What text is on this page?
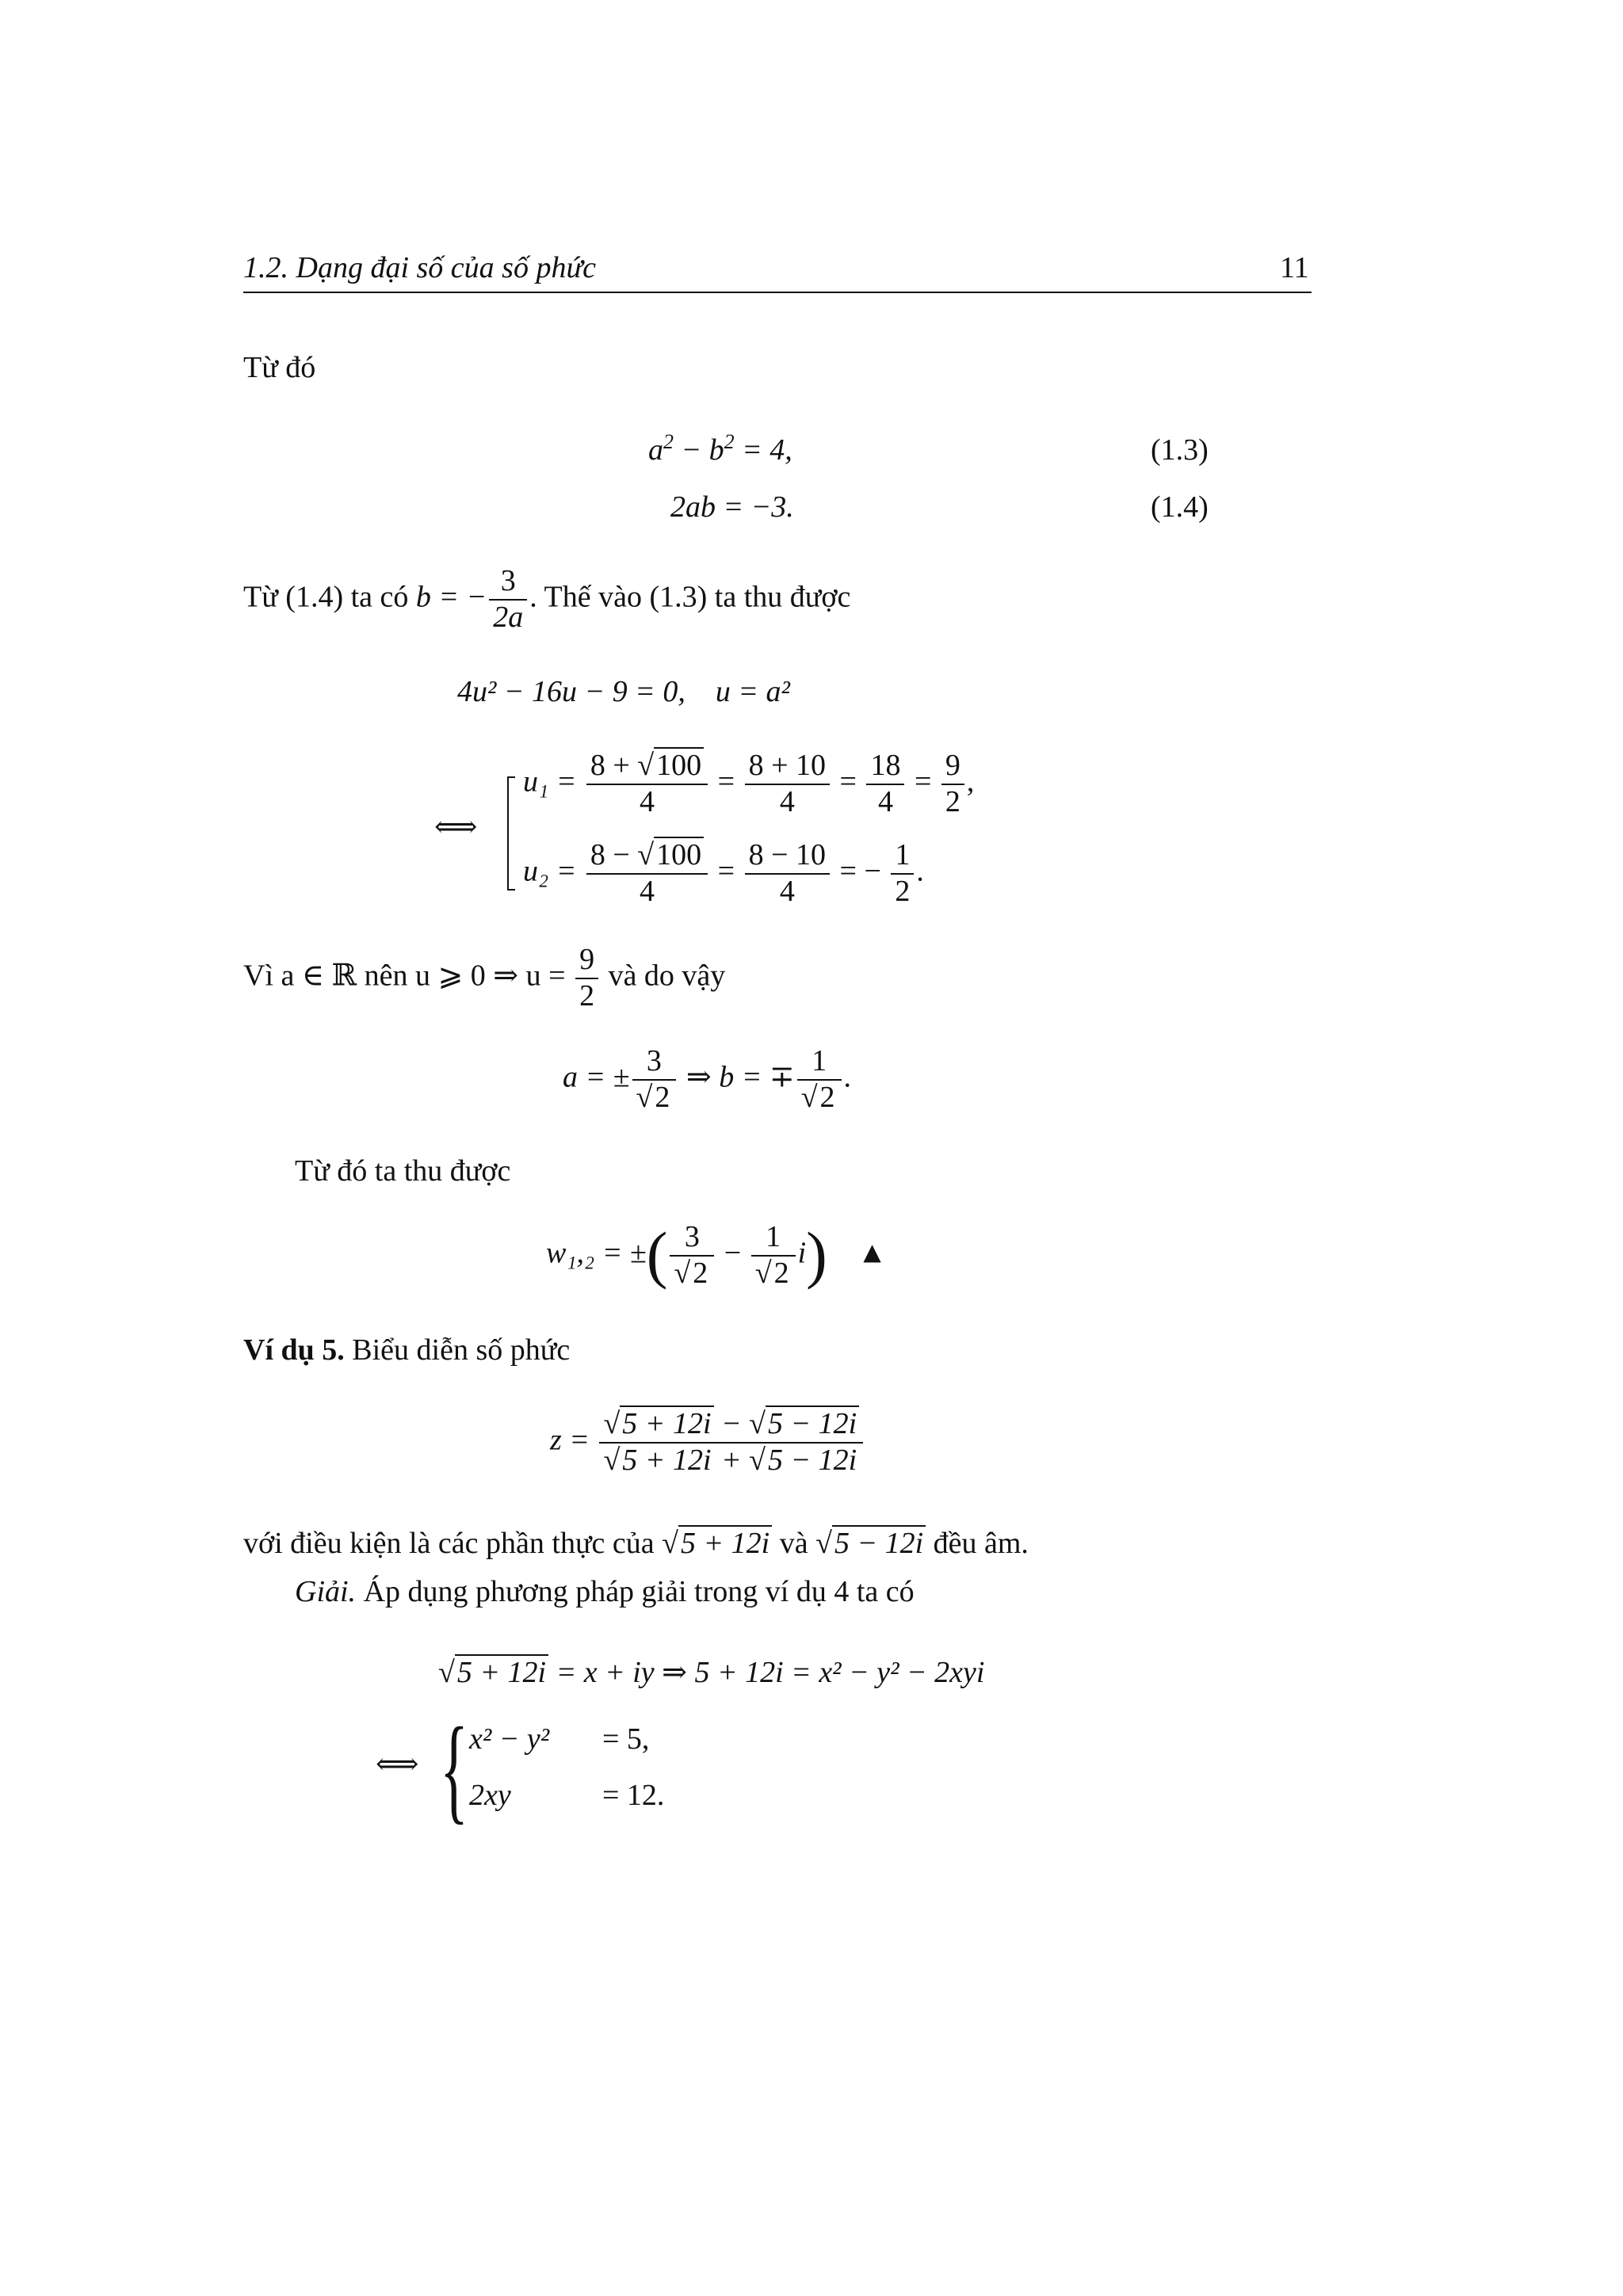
1.2. Dạng đại số của số phức	11
Từ đó
$a^2 - b^2 = 4$,	(1.3)
2ab = −3.	(1.4)
Từ (1.4) ta có b = − $\frac{3}{2a}$ . Thế vào (1.3) ta thu được
4u² − 16u − 9 = 0, u = a²
⟺
$u_1 = \frac{8 + √100}{4} = \frac{8 + 10}{4} = \frac{18}{4} = \frac{9}{2}$ ,
$u_2 = \frac{8 - √100}{4} = \frac{8 - 10}{4}$ = − $\frac{1}{2}$ .
Vì a ∈ ℝ nên u ⩾ 0 ⇒ $u = \frac{9}{2}$ và do vậy
a = ± $\frac{3}{√2}$ ⇒ b = ∓ $\frac{1}{√2}$ .
Từ đó ta thu được
w₁,₂ = ±( $\frac{3}{√2} - \frac{1}{√2} i$) ▲
Ví dụ 5. Biểu diễn số phức
$z = \frac{√5 + 12i - √5 - 12i}{√5 + 12i + √5 - 12i}$
với điều kiện là các phần thực của √5 + 12i và √5 − 12i đều âm.
Giải. Áp dụng phương pháp giải trong ví dụ 4 ta có
√5 + 12i = x + iy ⇒ 5 + 12i = x² − y² − 2xyi
⟺ { x² − y² = 5,
2xy	= 12.
